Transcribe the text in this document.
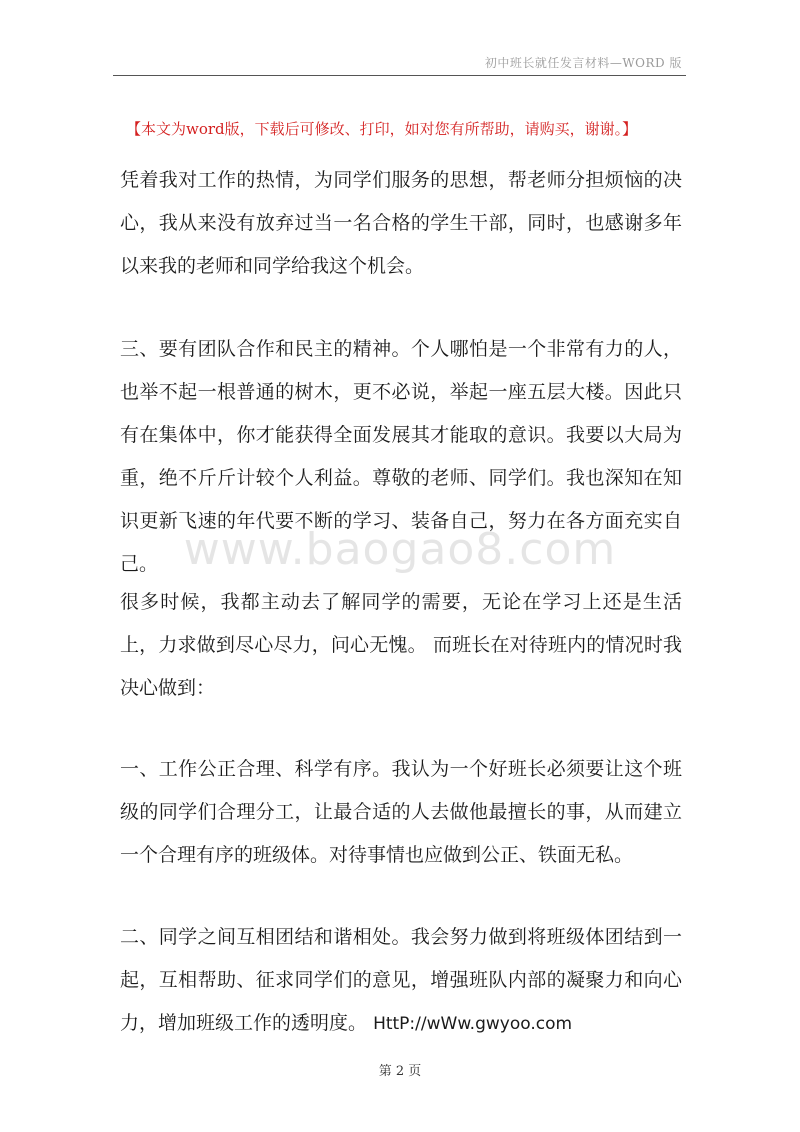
初中班长就任发言材料—WORD 版
【本文为word版，下载后可修改、打印，如对您有所帮助，请购买，谢谢。】
凭着我对工作的热情，为同学们服务的思想，帮老师分担烦恼的决心，我从来没有放弃过当一名合格的学生干部，同时，也感谢多年以来我的老师和同学给我这个机会。
三、要有团队合作和民主的精神。个人哪怕是一个非常有力的人，也举不起一根普通的树木，更不必说，举起一座五层大楼。因此只有在集体中，你才能获得全面发展其才能取的意识。我要以大局为重，绝不斤斤计较个人利益。尊敬的老师、同学们。我也深知在知识更新飞速的年代要不断的学习、装备自己，努力在各方面充实自己。 www.baogao8.com
很多时候，我都主动去了解同学的需要，无论在学习上还是生活上，力求做到尽心尽力，问心无愧。 而班长在对待班内的情况时我决心做到：
一、工作公正合理、科学有序。我认为一个好班长必须要让这个班级的同学们合理分工，让最合适的人去做他最擅长的事，从而建立一个合理有序的班级体。对待事情也应做到公正、铁面无私。
二、同学之间互相团结和谐相处。我会努力做到将班级体团结到一起，互相帮助、征求同学们的意见，增强班队内部的凝聚力和向心力，增加班级工作的透明度。 HttP://wWw.gwyoo.com
第 2 页
